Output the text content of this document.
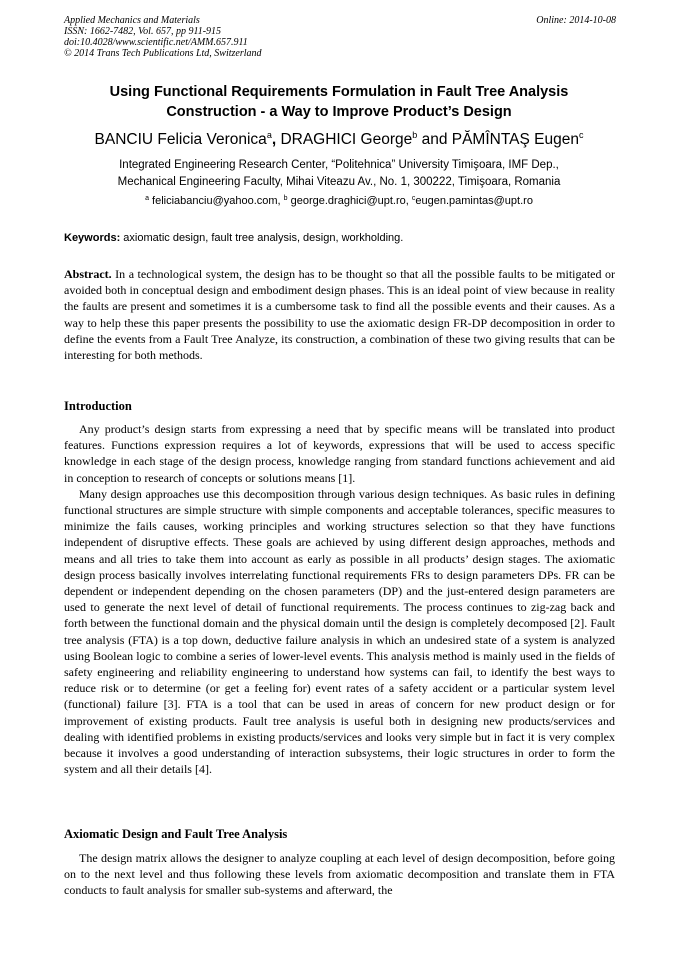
Applied Mechanics and Materials
ISSN: 1662-7482, Vol. 657, pp 911-915
doi:10.4028/www.scientific.net/AMM.657.911
© 2014 Trans Tech Publications Ltd, Switzerland
Online: 2014-10-08
Using Functional Requirements Formulation in Fault Tree Analysis
Construction - a Way to Improve Product’s Design
BANCIU Felicia Veronica$^a$, DRAGHICI George$^b$ and PĂMÎNTAŞ Eugen$^c$
Integrated Engineering Research Center, “Politehnica” University Timişoara, IMF Dep.,
Mechanical Engineering Faculty, Mihai Viteazu Av., No. 1, 300222, Timişoara, Romania
$^a$ feliciabanciu@yahoo.com, $^b$ george.draghici@upt.ro, $^c$eugen.pamintas@upt.ro
Keywords: axiomatic design, fault tree analysis, design, workholding.

Abstract. In a technological system, the design has to be thought so that all the possible faults to be mitigated or avoided both in conceptual design and embodiment design phases. This is an ideal point of view because in reality the faults are present and sometimes it is a cumbersome task to find all the possible events and their causes. As a way to help these this paper presents the possibility to use the axiomatic design FR-DP decomposition in order to define the events from a Fault Tree Analyze, its construction, a combination of these two giving results that can be interesting for both methods.

Introduction

Any product’s design starts from expressing a need that by specific means will be translated into product features. Functions expression requires a lot of keywords, expressions that will be used to access specific knowledge in each stage of the design process, knowledge ranging from standard functions achievement and aid in conception to research of concepts or solutions means [1].

Many design approaches use this decomposition through various design techniques. As basic rules in defining functional structures are simple structure with simple components and acceptable tolerances, specific measures to minimize the fails causes, working principles and working structures selection so that they have functions independent of disruptive effects. These goals are achieved by using different design approaches, methods and means and all tries to take them into account as early as possible in all products’ design stages. The axiomatic design process basically involves interrelating functional requirements FRs to design parameters DPs. FR can be dependent or independent depending on the chosen parameters (DP) and the just-entered design parameters are used to generate the next level of detail of functional requirements. The process continues to zig-zag back and forth between the functional domain and the physical domain until the design is completely decomposed [2]. Fault tree analysis (FTA) is a top down, deductive failure analysis in which an undesired state of a system is analyzed using Boolean logic to combine a series of lower-level events. This analysis method is mainly used in the fields of safety engineering and reliability engineering to understand how systems can fail, to identify the best ways to reduce risk or to determine (or get a feeling for) event rates of a safety accident or a particular system level (functional) failure [3]. FTA is a tool that can be used in areas of concern for new product design or for improvement of existing products. Fault tree analysis is useful both in designing new products/services and dealing with identified problems in existing products/services and looks very simple but in fact it is very complex because it involves a good understanding of interaction subsystems, their logic structures in order to form the system and all their details [4].

Axiomatic Design and Fault Tree Analysis

The design matrix allows the designer to analyze coupling at each level of design decomposition, before going on to the next level and thus following these levels from axiomatic decomposition and translate them in FTA conducts to fault analysis for smaller sub-systems and afterward, the
